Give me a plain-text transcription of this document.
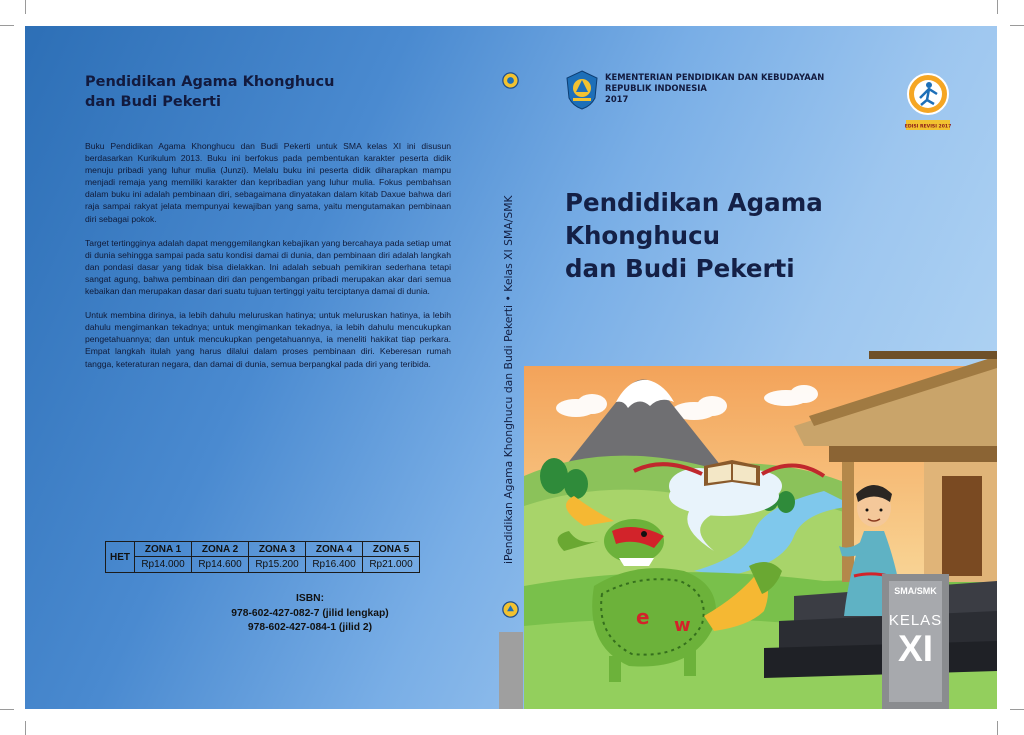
e w
Pendidikan Agama Khonghucu
dan Budi Pekerti

Buku Pendidikan Agama Khonghucu dan Budi Pekerti untuk SMA kelas XI ini disusun berdasarkan Kurikulum 2013. Buku ini berfokus pada pembentukan karakter peserta didik menuju pribadi yang luhur mulia (Junzi). Melalu buku ini peserta didik diharapkan mampu menjadi remaja yang memiliki karakter dan kepribadian yang luhur mulia. Fokus pembahsan dalam buku ini adalah pembinaan diri, sebagaimana dinyatakan dalam kitab Daxue bahwa dari raja sampai rakyat jelata mempunyai kewajiban yang sama, yaitu mengutamakan pembinaan diri sebagai pokok.

Target tertingginya adalah dapat menggemilangkan kebajikan yang bercahaya pada setiap umat di dunia sehingga sampai pada satu kondisi damai di dunia, dan pembinaan diri adalah langkah dan pondasi dasar yang tidak bisa dielakkan. Ini adalah sebuah pemikiran sederhana tetapi sangat agung, bahwa pembinaan diri dan pengembangan pribadi merupakan akar dari semua kebaikan dan merupakan dasar dari suatu tujuan tertinggi yaitu terciptanya damai di dunia.

Untuk membina dirinya, ia lebih dahulu meluruskan hatinya; untuk meluruskan hatinya, ia lebih dahulu mengimankan tekadnya; untuk mengimankan tekadnya, ia lebih dahulu mencukupkan pengetahuannya; dan untuk mencukupkan pengetahuannya, ia meneliti hakikat tiap perkara. Empat langkah itulah yang harus dilalui dalam proses pembinaan diri. Keberesan rumah tangga, keteraturan negara, dan damai di dunia, semua berpangkal pada diri yang teribida.

HET	ZONA 1	ZONA 2	ZONA 3	ZONA 4	ZONA 5
	Rp14.000	Rp14.600	Rp15.200	Rp16.400	Rp21.000
ISBN:
978-602-427-082-7 (jilid lengkap)
978-602-427-084-1 (jilid 2)
iPendidikan Agama Khonghucu dan Budi Pekerti • Kelas XI SMA/SMK
KEMENTERIAN PENDIDIKAN DAN KEBUDAYAAN
REPUBLIK INDONESIA
2017
EDISI REVISI 2017
Pendidikan Agama Khonghucu
dan Budi Pekerti
SMA/SMK
KELAS
XI
